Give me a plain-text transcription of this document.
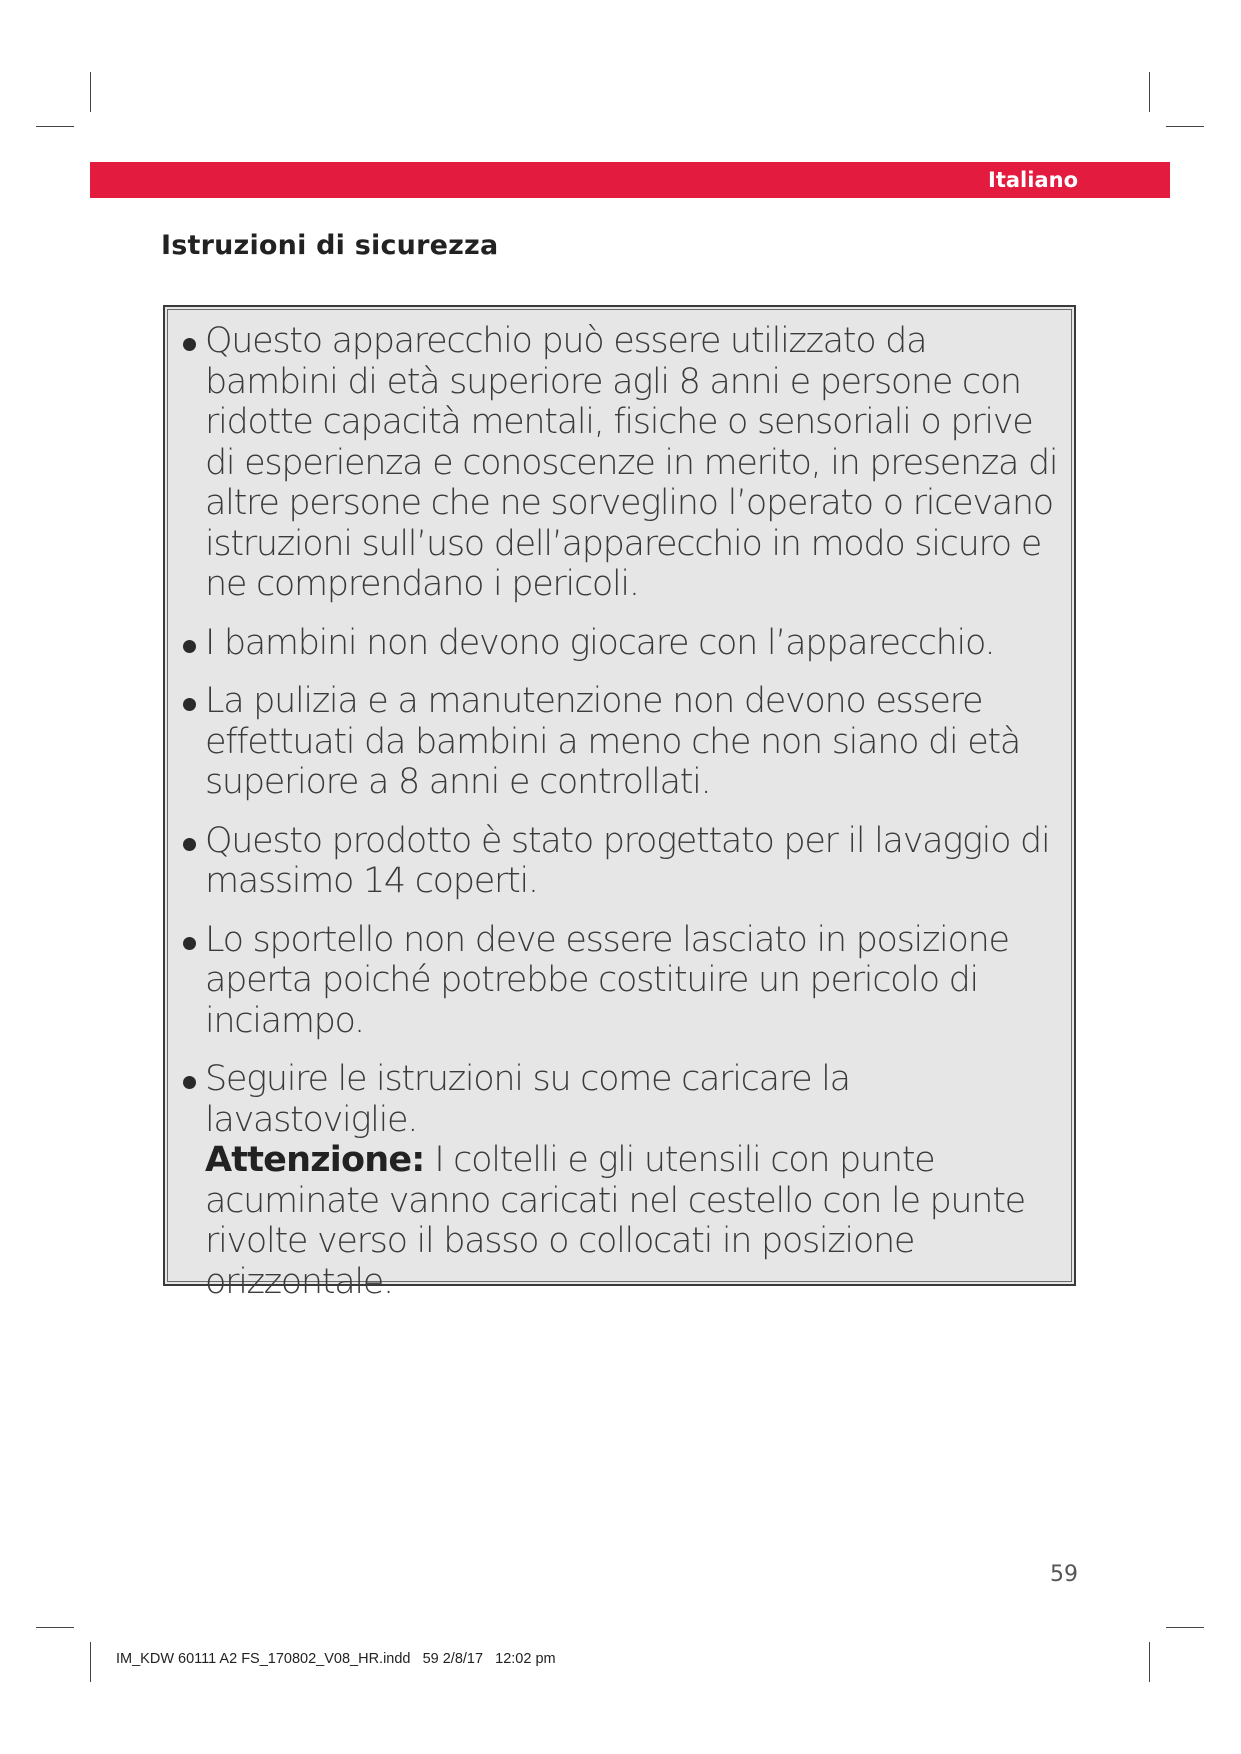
Italiano
Istruzioni di sicurezza
Questo apparecchio può essere utilizzato da bambini di età superiore agli 8 anni e persone con ridotte capacità mentali, fisiche o sensoriali o prive di esperienza e conoscenze in merito, in presenza di altre persone che ne sorveglino l’operato o ricevano istruzioni sull’uso dell’apparecchio in modo sicuro e ne comprendano i pericoli.
I bambini non devono giocare con l’apparecchio.
La pulizia e a manutenzione non devono essere effettuati da bambini a meno che non siano di età superiore a 8 anni e controllati.
Questo prodotto è stato progettato per il lavaggio di massimo 14 coperti.
Lo sportello non deve essere lasciato in posizione aperta poiché potrebbe costituire un pericolo di inciampo.
Seguire le istruzioni su come caricare la lavastoviglie.
Attenzione: I coltelli e gli utensili con punte acuminate vanno caricati nel cestello con le punte rivolte verso il basso o collocati in posizione orizzontale.
59
IM_KDW 60111 A2 FS_170802_V08_HR.indd   59 2/8/17   12:02 pm
